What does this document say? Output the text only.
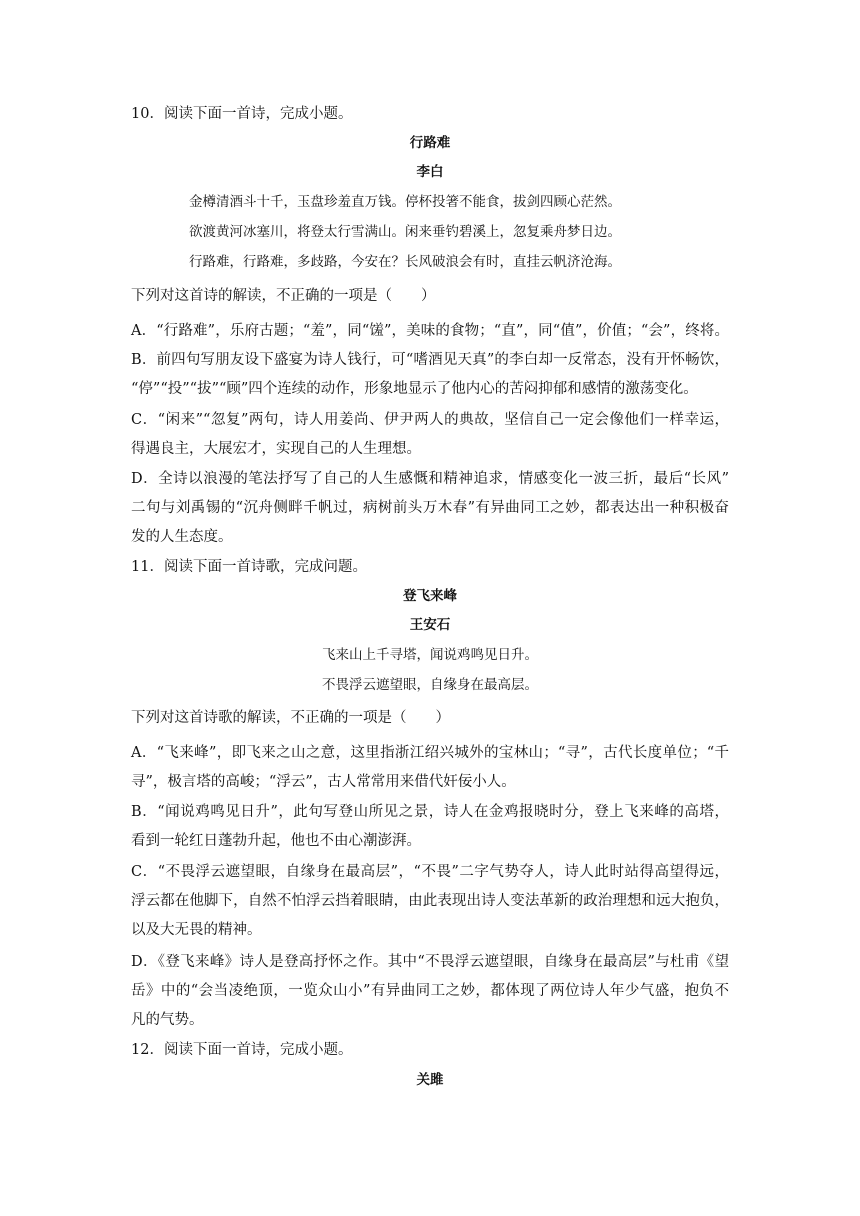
10．阅读下面一首诗，完成小题。
行路难
李白
金樽清酒斗十千，玉盘珍羞直万钱。停杯投箸不能食，拔剑四顾心茫然。
欲渡黄河冰塞川，将登太行雪满山。闲来垂钓碧溪上，忽复乘舟梦日边。
行路难，行路难，多歧路，今安在？长风破浪会有时，直挂云帆济沧海。
下列对这首诗的解读，不正确的一项是（　　）
A．“行路难”，乐府古题；“羞”，同“馐”，美味的食物；“直”，同“值”，价值；“会”，终将。
B．前四句写朋友设下盛宴为诗人钱行，可“嗜酒见天真”的李白却一反常态，没有开怀畅饮，
“停”“投”“拔”“顾”四个连续的动作，形象地显示了他内心的苦闷抑郁和感情的激荡变化。
C．“闲来”“忽复”两句，诗人用姜尚、伊尹两人的典故，坚信自己一定会像他们一样幸运，
得遇良主，大展宏才，实现自己的人生理想。
D．全诗以浪漫的笔法抒写了自己的人生感慨和精神追求，情感变化一波三折，最后“长风”
二句与刘禹锡的“沉舟侧畔千帆过，病树前头万木春”有异曲同工之妙，都表达出一种积极奋
发的人生态度。
11．阅读下面一首诗歌，完成问题。
登飞来峰
王安石
飞来山上千寻塔，闻说鸡鸣见日升。
不畏浮云遮望眼，自缘身在最高层。
下列对这首诗歌的解读，不正确的一项是（　　）
A．“飞来峰”，即飞来之山之意，这里指浙江绍兴城外的宝林山；“寻”，古代长度单位；“千
寻”，极言塔的高峻；“浮云”，古人常常用来借代奸佞小人。
B．“闻说鸡鸣见日升”，此句写登山所见之景，诗人在金鸡报晓时分，登上飞来峰的高塔，
看到一轮红日蓬勃升起，他也不由心潮澎湃。
C．“不畏浮云遮望眼，自缘身在最高层”，“不畏”二字气势夺人，诗人此时站得高望得远，
浮云都在他脚下，自然不怕浮云挡着眼睛，由此表现出诗人变法革新的政治理想和远大抱负，
以及大无畏的精神。
D．《登飞来峰》诗人是登高抒怀之作。其中“不畏浮云遮望眼，自缘身在最高层”与杜甫《望
岳》中的“会当凌绝顶，一览众山小”有异曲同工之妙，都体现了两位诗人年少气盛，抱负不
凡的气势。
12．阅读下面一首诗，完成小题。
关雎
